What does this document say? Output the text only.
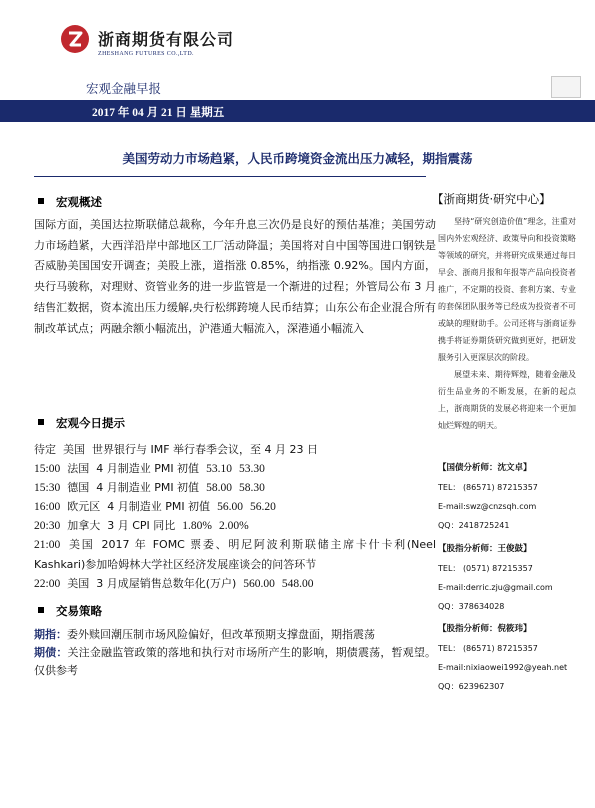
浙商期货有限公司
ZHESHANG FUTURES CO.,LTD.
宏观金融早报
2017 年 04 月 21 日 星期五
美国劳动力市场趋紧，人民币跨境资金流出压力减轻，期指震荡
宏观概述
国际方面，美国达拉斯联储总裁称，今年升息三次仍是良好的预估基准；美国劳动力市场趋紧，大西洋沿岸中部地区工厂活动降温；美国将对自中国等国进口钢铁是否威胁美国国安开调查；美股上涨，道指涨 0.85%，纳指涨 0.92%。国内方面，央行马骏称，对理财、资管业务的进一步监管是一个渐进的过程；外管局公布 3 月结售汇数据，资本流出压力缓解,央行松绑跨境人民币结算；山东公布企业混合所有制改革试点；两融余额小幅流出，沪港通大幅流入，深港通小幅流入
宏观今日提示
待定 美国 世界银行与 IMF 举行春季会议，至 4 月 23 日
15:00 法国 4 月制造业 PMI 初值 53.10 53.30
15:30 德国 4 月制造业 PMI 初值 58.00 58.30
16:00 欧元区 4 月制造业 PMI 初值 56.00 56.20
20:30 加拿大 3 月 CPI 同比 1.80% 2.00%
21:00 美国 2017 年 FOMC 票委、明尼阿波利斯联储主席卡什卡利(Neel Kashkari)参加哈姆林大学社区经济发展座谈会的问答环节
22:00 美国 3 月成屋销售总数年化(万户) 560.00 548.00
交易策略
期指：委外赎回潮压制市场风险偏好，但改革预期支撑盘面，期指震荡
期债：关注金融监管政策的落地和执行对市场所产生的影响，期债震荡，暂观望。仅供参考
【浙商期货·研究中心】

坚持“研究创造价值”理念，注重对国内外宏观经济、政策导向和投资策略等领域的研究，并将研究成果通过每日早会、浙商月报和年报等产品向投资者推广，不定期的投资、套利方案、专业的套保团队服务等已经成为投资者不可或缺的理财助手。公司还将与浙商证券携手将证券期货研究做到更好，把研发服务引入更深层次的阶段。

展望未来、期待辉煌，随着金融及衍生品业务的不断发展，在新的起点上，浙商期货的发展必将迎来一个更加灿烂辉煌的明天。

【国债分析师：沈文卓】
TEL： (86571) 87215357
E-mail:swz@cnzsqh.com
QQ：2418725241
【股指分析师：王俊鼓】
TEL： (0571) 87215357
E-mail:derric.zju@gmail.com
QQ：378634028
【股指分析师：倪筱玮】
TEL： (86571) 87215357
E-mail:nixiaowei1992@yeah.net
QQ：623962307
